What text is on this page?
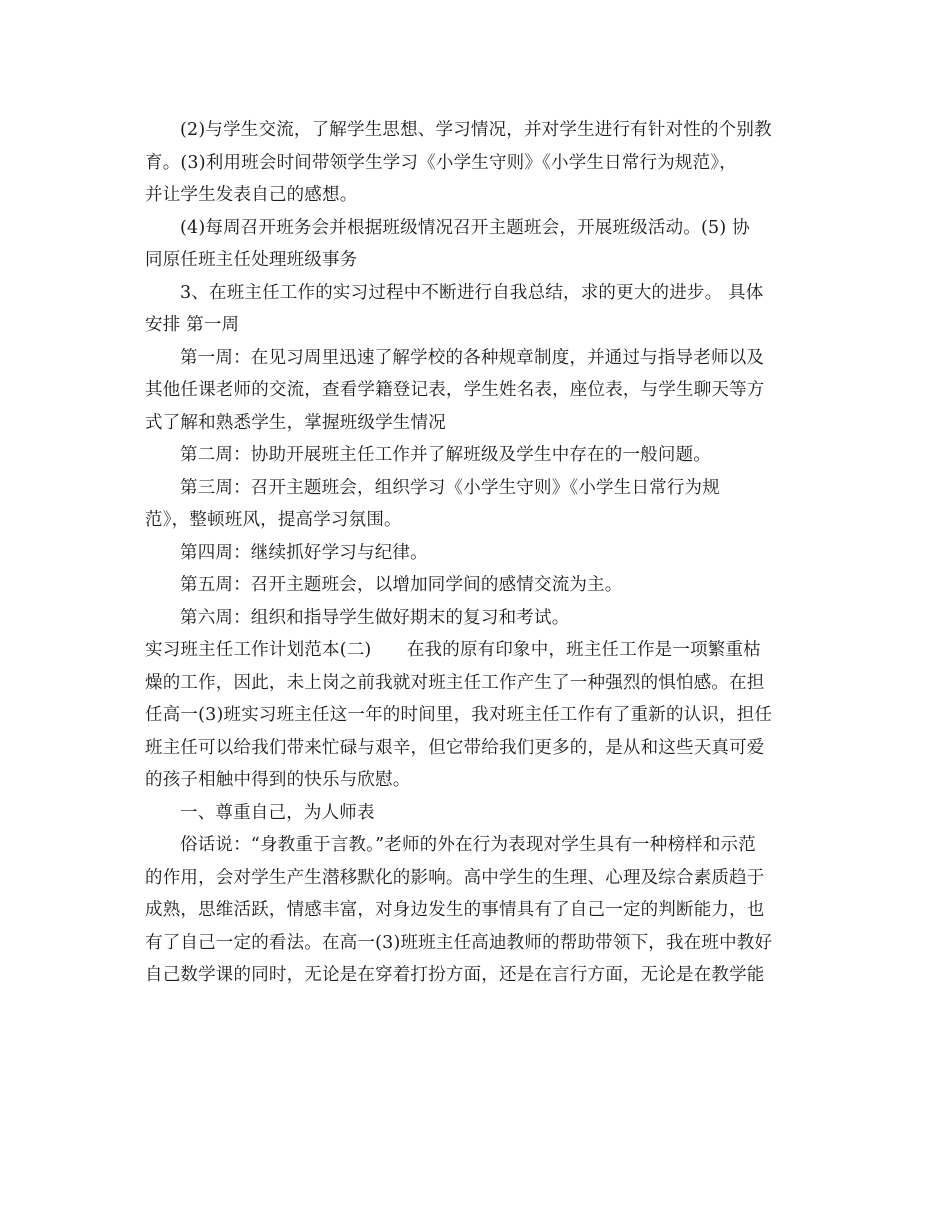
(2)与学生交流，了解学生思想、学习情况，并对学生进行有针对性的个别教
育。(3)利用班会时间带领学生学习《小学生守则》《小学生日常行为规范》，
并让学生发表自己的感想。
(4)每周召开班务会并根据班级情况召开主题班会，开展班级活动。(5) 协
同原任班主任处理班级事务
3、在班主任工作的实习过程中不断进行自我总结，求的更大的进步。 具体
安排 第一周
第一周：在见习周里迅速了解学校的各种规章制度，并通过与指导老师以及
其他任课老师的交流，查看学籍登记表，学生姓名表，座位表，与学生聊天等方
式了解和熟悉学生，掌握班级学生情况
第二周：协助开展班主任工作并了解班级及学生中存在的一般问题。
第三周：召开主题班会，组织学习《小学生守则》《小学生日常行为规
范》，整顿班风，提高学习氛围。
第四周：继续抓好学习与纪律。
第五周：召开主题班会，以增加同学间的感情交流为主。
第六周：组织和指导学生做好期末的复习和考试。
实习班主任工作计划范本(二)　　在我的原有印象中，班主任工作是一项繁重枯
燥的工作，因此，未上岗之前我就对班主任工作产生了一种强烈的惧怕感。在担
任高一(3)班实习班主任这一年的时间里，我对班主任工作有了重新的认识，担任
班主任可以给我们带来忙碌与艰辛，但它带给我们更多的，是从和这些天真可爱
的孩子相触中得到的快乐与欣慰。
一、尊重自己，为人师表
俗话说：“身教重于言教。”老师的外在行为表现对学生具有一种榜样和示范
的作用，会对学生产生潜移默化的影响。高中学生的生理、心理及综合素质趋于
成熟，思维活跃，情感丰富，对身边发生的事情具有了自己一定的判断能力，也
有了自己一定的看法。在高一(3)班班主任高迪教师的帮助带领下，我在班中教好
自己数学课的同时，无论是在穿着打扮方面，还是在言行方面，无论是在教学能
